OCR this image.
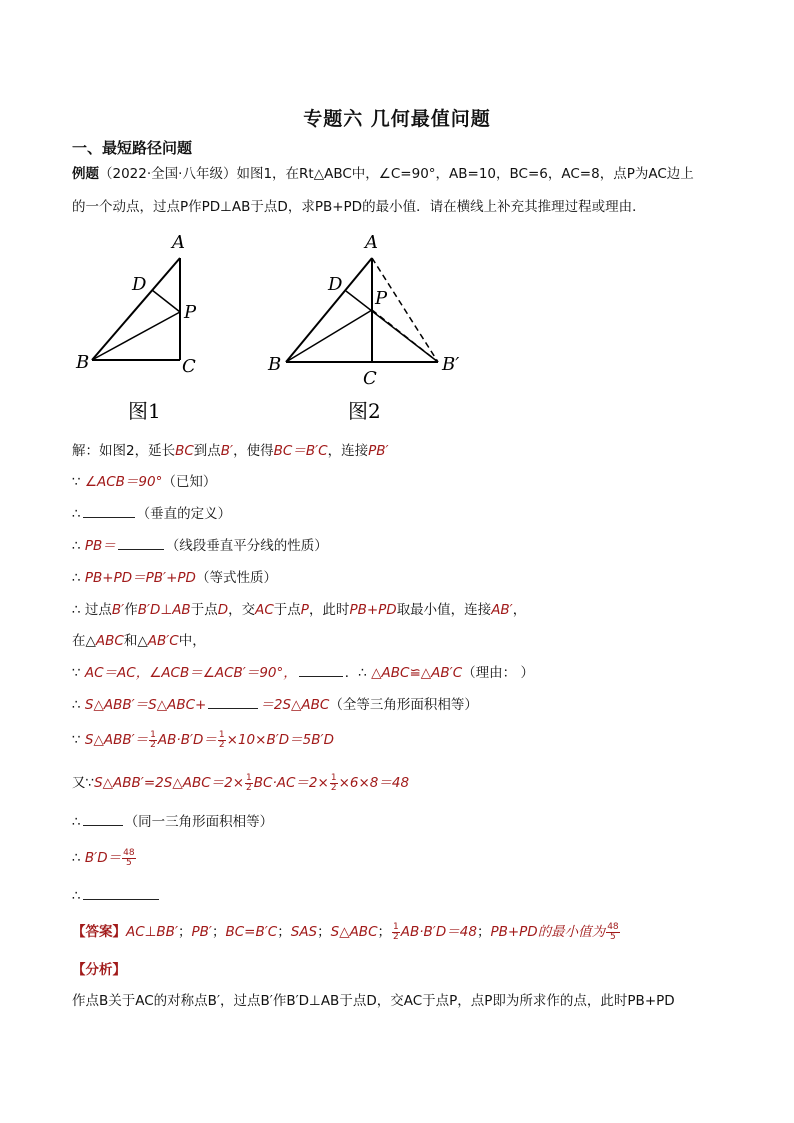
专题六 几何最值问题
一、最短路径问题
例题（2022·全国·八年级）如图1，在Rt△ABC中，∠C=90°，AB=10，BC=6，AC=8，点P为AC边上
的一个动点，过点P作PD⊥AB于点D，求PB+PD的最小值．请在横线上补充其推理过程或理由．
A
D
P
B	C
图1
A
D
P
B
C
B′
图2
解：如图2，延长BC到点B′，使得BC＝B′C，连接PB′
∵ ∠ACB＝90°（已知）
∴	（垂直的定义）
∴ PB＝	（线段垂直平分线的性质）
∴ PB+PD＝PB′+PD（等式性质）
∴ 过点B′作B′D⊥AB于点D，交AC于点P，此时PB+PD取最小值，连接AB′，
在△ABC和△AB′C中，
∵ AC＝AC，∠ACB＝∠ACB′＝90°，	．∴ △ABC≌△AB′C（理由： ）
∴ S△ABB′＝S△ABC+	＝2S△ABC（全等三角形面积相等）
∵ S△ABB′＝ $\frac{1}{2} AB\cdot B'D= \frac{1}{2} \times 10\times B'D=5B'D$
又∵S△ABB′=2S△ABC＝2× $\frac{1}{2} BC\cdot AC=2\times \frac{1}{2} \times 6\times 8=48$
∴	（同一三角形面积相等）
∴ $B'D= \frac{48}{5}$
∴
【答案】AC⊥BB′；PB′；BC=B′C；SAS；S△ABC； $\frac{1}{2} AB\cdot B'D=48$；PB+PD的最小值为 $\frac{48}{5}$
【分析】
作点B关于AC的对称点B′，过点B′作B′D⊥AB于点D，交AC于点P，点P即为所求作的点，此时PB+PD
